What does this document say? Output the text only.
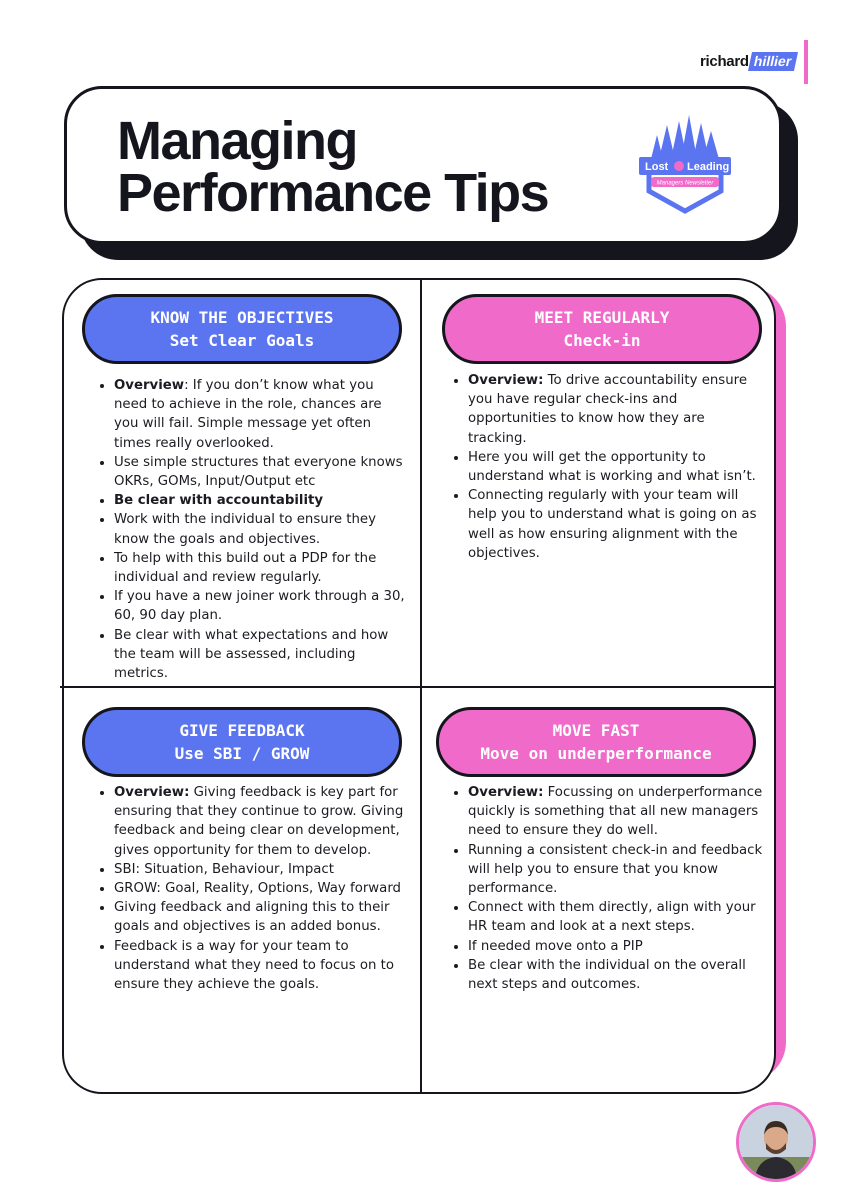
richard hillier
Managing
Performance Tips	Lost Leading
Managers Newsletter
KNOW THE OBJECTIVES
Set Clear Goals
• Overview: If you don’t know what you need to achieve in the role, chances are you will fail. Simple message yet often times really overlooked.
• Use simple structures that everyone knows OKRs, GOMs, Input/Output etc
• Be clear with accountability
• Work with the individual to ensure they know the goals and objectives.
• To help with this build out a PDP for the individual and review regularly.
• If you have a new joiner work through a 30, 60, 90 day plan.
• Be clear with what expectations and how the team will be assessed, including metrics.
MEET REGULARLY
Check-in
• Overview: To drive accountability ensure you have regular check-ins and opportunities to know how they are tracking.
• Here you will get the opportunity to understand what is working and what isn’t.
• Connecting regularly with your team will help you to understand what is going on as well as how ensuring alignment with the objectives.
GIVE FEEDBACK
Use SBI / GROW
• Overview: Giving feedback is key part for ensuring that they continue to grow. Giving feedback and being clear on development, gives opportunity for them to develop.
• SBI: Situation, Behaviour, Impact
• GROW: Goal, Reality, Options, Way forward
• Giving feedback and aligning this to their goals and objectives is an added bonus.
• Feedback is a way for your team to understand what they need to focus on to ensure they achieve the goals.
MOVE FAST
Move on underperformance
• Overview: Focussing on underperformance quickly is something that all new managers need to ensure they do well.
• Running a consistent check-in and feedback will help you to ensure that you know performance.
• Connect with them directly, align with your HR team and look at a next steps.
• If needed move onto a PIP
• Be clear with the individual on the overall next steps and outcomes.
